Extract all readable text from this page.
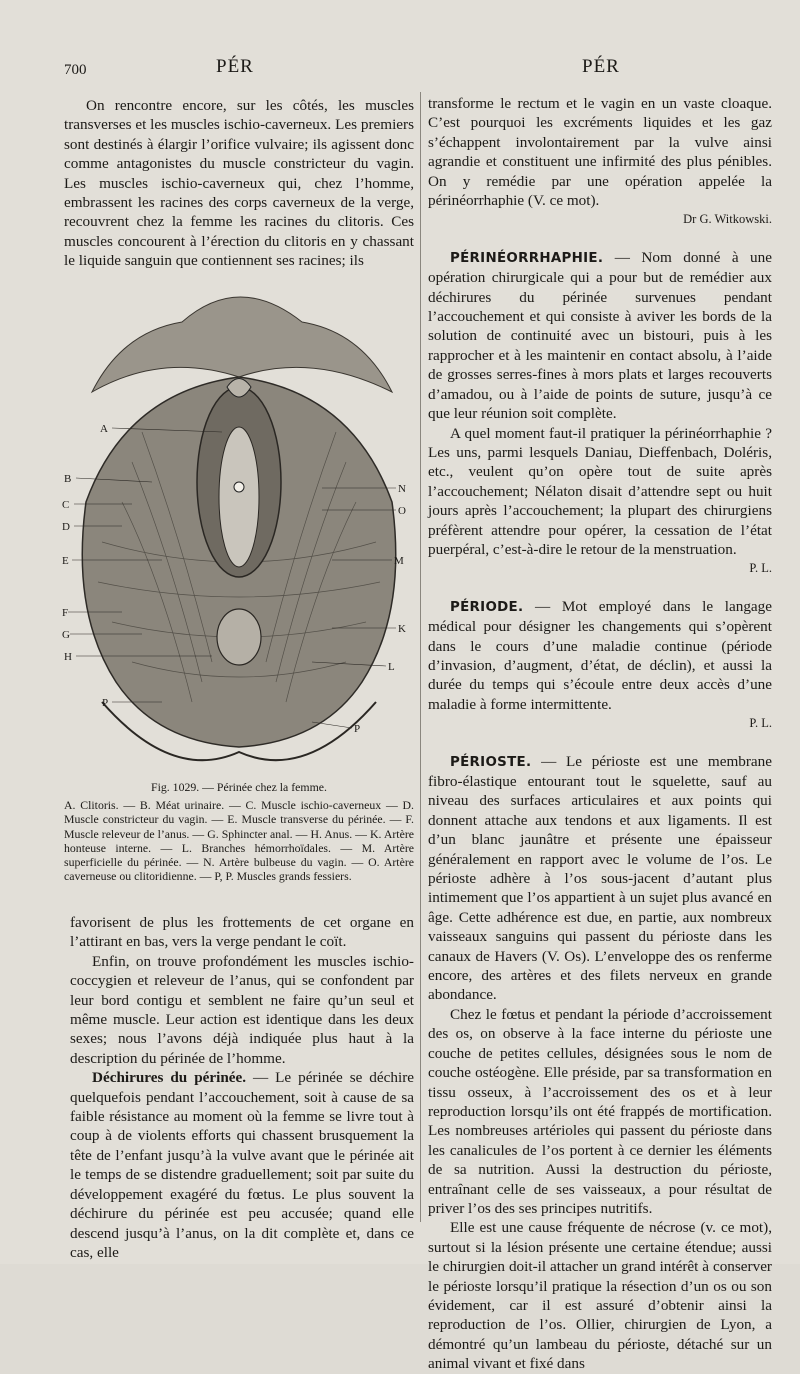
700	PÉR	PÉR

On rencontre encore, sur les côtés, les muscles transverses et les muscles ischio-caverneux. Les premiers sont destinés à élargir l’orifice vulvaire; ils agissent donc comme antagonistes du muscle constricteur du vagin. Les muscles ischio-caverneux qui, chez l’homme, embrassent les racines des corps caverneux de la verge, recouvrent chez la femme les racines du clitoris. Ces muscles concourent à l’érection du clitoris en y chassant le liquide sanguin que contiennent ses racines; ils

A
B
C
D
E
F
G
H
P
N
O
M
K
L
P

Fig. 1029. — Périnée chez la femme.

A. Clitoris. — B. Méat urinaire. — C. Muscle ischio-caverneux — D. Muscle constricteur du vagin. — E. Muscle transverse du périnée. — F. Muscle releveur de l’anus. — G. Sphincter anal. — H. Anus. — K. Artère honteuse interne. — L. Branches hémorrhoïdales. — M. Artère superficielle du périnée. — N. Artère bulbeuse du vagin. — O. Artère caverneuse ou clitoridienne. — P, P. Muscles grands fessiers.

favorisent de plus les frottements de cet organe en l’attirant en bas, vers la verge pendant le coït.

Enfin, on trouve profondément les muscles ischio-coccygien et releveur de l’anus, qui se confondent par leur bord contigu et semblent ne faire qu’un seul et même muscle. Leur action est identique dans les deux sexes; nous l’avons déjà indiquée plus haut à la description du périnée de l’homme.

Déchirures du périnée. — Le périnée se déchire quelquefois pendant l’accouchement, soit à cause de sa faible résistance au moment où la femme se livre tout à coup à de violents efforts qui chassent brusquement la tête de l’enfant jusqu’à la vulve avant que le périnée ait le temps de se distendre graduellement; soit par suite du développement exagéré du fœtus. Le plus souvent la déchirure du périnée est peu accusée; quand elle descend jusqu’à l’anus, on la dit complète et, dans ce cas, elle

transforme le rectum et le vagin en un vaste cloaque. C’est pourquoi les excréments liquides et les gaz s’échappent involontairement par la vulve ainsi agrandie et constituent une infirmité des plus pénibles. On y remédie par une opération appelée la périnéorrhaphie (V. ce mot).

Dr G. Witkowski.

PÉRINÉORRHAPHIE. — Nom donné à une opération chirurgicale qui a pour but de remédier aux déchirures du périnée survenues pendant l’accouchement et qui consiste à aviver les bords de la solution de continuité avec un bistouri, puis à les rapprocher et à les maintenir en contact absolu, à l’aide de grosses serres-fines à mors plats et larges recouverts d’amadou, ou à l’aide de points de suture, jusqu’à ce que leur réunion soit complète.

A quel moment faut-il pratiquer la périnéorrhaphie ? Les uns, parmi lesquels Daniau, Dieffenbach, Doléris, etc., veulent qu’on opère tout de suite après l’accouchement; Nélaton disait d’attendre sept ou huit jours après l’accouchement; la plupart des chirurgiens préfèrent attendre pour opérer, la cessation de l’état puerpéral, c’est-à-dire le retour de la menstruation.

P. L.

PÉRIODE. — Mot employé dans le langage médical pour désigner les changements qui s’opèrent dans le cours d’une maladie continue (période d’invasion, d’augment, d’état, de déclin), et aussi la durée du temps qui s’écoule entre deux accès d’une maladie à forme intermittente.

P. L.

PÉRIOSTE. — Le périoste est une membrane fibro-élastique entourant tout le squelette, sauf au niveau des surfaces articulaires et aux points qui donnent attache aux tendons et aux ligaments. Il est d’un blanc jaunâtre et présente une épaisseur généralement en rapport avec le volume de l’os. Le périoste adhère à l’os sous-jacent d’autant plus intimement que l’os appartient à un sujet plus avancé en âge. Cette adhérence est due, en partie, aux nombreux vaisseaux sanguins qui passent du périoste dans les canaux de Havers (V. Os). L’enveloppe des os renferme encore, des artères et des filets nerveux en grande abondance.

Chez le fœtus et pendant la période d’accroissement des os, on observe à la face interne du périoste une couche de petites cellules, désignées sous le nom de couche ostéogène. Elle préside, par sa transformation en tissu osseux, à l’accroissement des os et à leur reproduction lorsqu’ils ont été frappés de mortification. Les nombreuses artérioles qui passent du périoste dans les canalicules de l’os portent à ce dernier les éléments de sa nutrition. Aussi la destruction du périoste, entraînant celle de ses vaisseaux, a pour résultat de priver l’os des ses principes nutritifs.

Elle est une cause fréquente de nécrose (v. ce mot), surtout si la lésion présente une certaine étendue; aussi le chirurgien doit-il attacher un grand intérêt à conserver le périoste lorsqu’il pratique la résection d’un os ou son évidement, car il est assuré d’obtenir ainsi la reproduction de l’os. Ollier, chirurgien de Lyon, a démontré qu’un lambeau du périoste, détaché sur un animal vivant et fixé dans
